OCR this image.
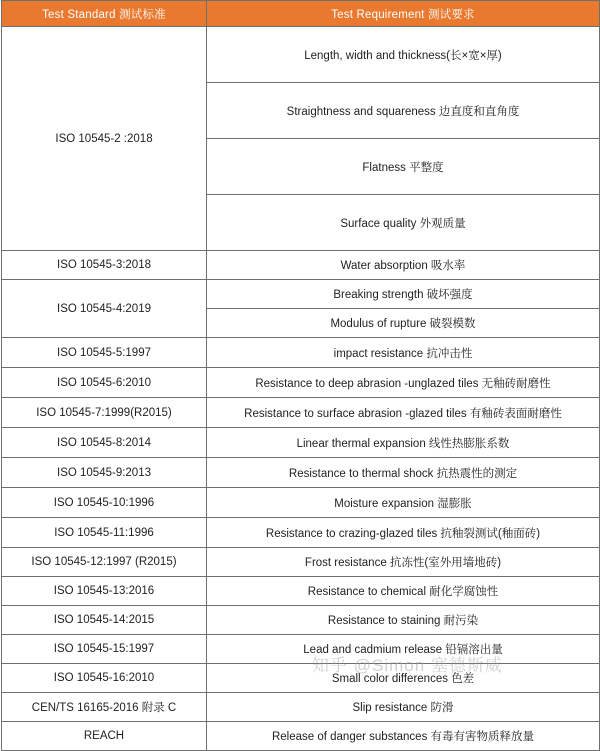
Test Standard 测试标准	Test Requirement 测试要求
ISO 10545-2 :2018	Length, width and thickness(长×宽×厚)
	Straightness and squareness 边直度和直角度
	Flatness 平整度
	Surface quality 外观质量
ISO 10545-3:2018	Water absorption 吸水率
ISO 10545-4:2019	Breaking strength 破坏强度
	Modulus of rupture 破裂模数
ISO 10545-5:1997	impact resistance 抗冲击性
ISO 10545-6:2010	Resistance to deep abrasion -unglazed tiles 无釉砖耐磨性
ISO 10545-7:1999(R2015)	Resistance to surface abrasion -glazed tiles 有釉砖表面耐磨性
ISO 10545-8:2014	Linear thermal expansion 线性热膨胀系数
ISO 10545-9:2013	Resistance to thermal shock 抗热震性的测定
ISO 10545-10:1996	Moisture expansion 湿膨胀
ISO 10545-11:1996	Resistance to crazing-glazed tiles 抗釉裂测试(釉面砖)
ISO 10545-12:1997 (R2015)	Frost resistance 抗冻性(室外用墙地砖)
ISO 10545-13:2016	Resistance to chemical 耐化学腐蚀性
ISO 10545-14:2015	Resistance to staining 耐污染
ISO 10545-15:1997	Lead and cadmium release 铅镉溶出量
ISO 10545-16:2010	Small color differences 色差
CEN/TS 16165-2016 附录 C	Slip resistance 防滑
REACH	Release of danger substances 有毒有害物质释放量
知乎 @Simon 塞德斯威
